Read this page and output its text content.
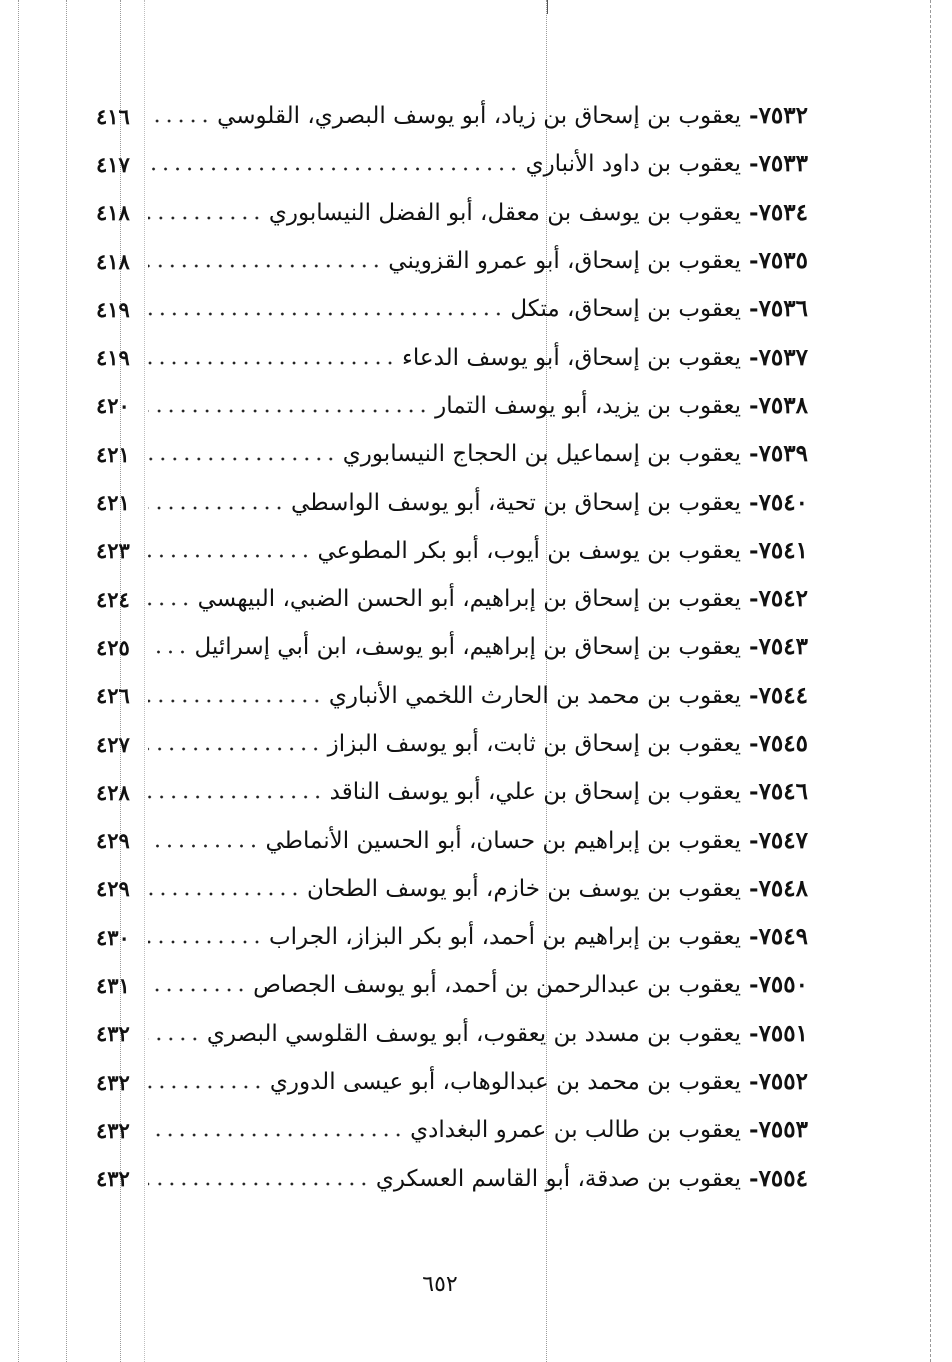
٧٥٣٢-يعقوب بن إسحاق بن زياد، أبو يوسف البصري، القلوسي
٤١٦
٧٥٣٣-يعقوب بن داود الأنباري
٤١٧
٧٥٣٤-يعقوب بن يوسف بن معقل، أبو الفضل النيسابوري
٤١٨
٧٥٣٥-يعقوب بن إسحاق، أبو عمرو القزويني
٤١٨
٧٥٣٦-يعقوب بن إسحاق، متكل
٤١٩
٧٥٣٧-يعقوب بن إسحاق، أبو يوسف الدعاء
٤١٩
٧٥٣٨-يعقوب بن يزيد، أبو يوسف التمار
٤٢٠
٧٥٣٩-يعقوب بن إسماعيل بن الحجاج النيسابوري
٤٢١
٧٥٤٠-يعقوب بن إسحاق بن تحية، أبو يوسف الواسطي
٤٢١
٧٥٤١-يعقوب بن يوسف بن أيوب، أبو بكر المطوعي
٤٢٣
٧٥٤٢-يعقوب بن إسحاق بن إبراهيم، أبو الحسن الضبي، البيهسي
٤٢٤
٧٥٤٣-يعقوب بن إسحاق بن إبراهيم، أبو يوسف، ابن أبي إسرائيل
٤٢٥
٧٥٤٤-يعقوب بن محمد بن الحارث اللخمي الأنباري
٤٢٦
٧٥٤٥-يعقوب بن إسحاق بن ثابت، أبو يوسف البزاز
٤٢٧
٧٥٤٦-يعقوب بن إسحاق بن علي، أبو يوسف الناقد
٤٢٨
٧٥٤٧-يعقوب بن إبراهيم بن حسان، أبو الحسين الأنماطي
٤٢٩
٧٥٤٨-يعقوب بن يوسف بن خازم، أبو يوسف الطحان
٤٢٩
٧٥٤٩-يعقوب بن إبراهيم بن أحمد، أبو بكر البزاز، الجراب
٤٣٠
٧٥٥٠-يعقوب بن عبدالرحمن بن أحمد، أبو يوسف الجصاص
٤٣١
٧٥٥١-يعقوب بن مسدد بن يعقوب، أبو يوسف القلوسي البصري
٤٣٢
٧٥٥٢-يعقوب بن محمد بن عبدالوهاب، أبو عيسى الدوري
٤٣٢
٧٥٥٣-يعقوب بن طالب بن عمرو البغدادي
٤٣٢
٧٥٥٤-يعقوب بن صدقة، أبو القاسم العسكري
٤٣٢
٦٥٢
